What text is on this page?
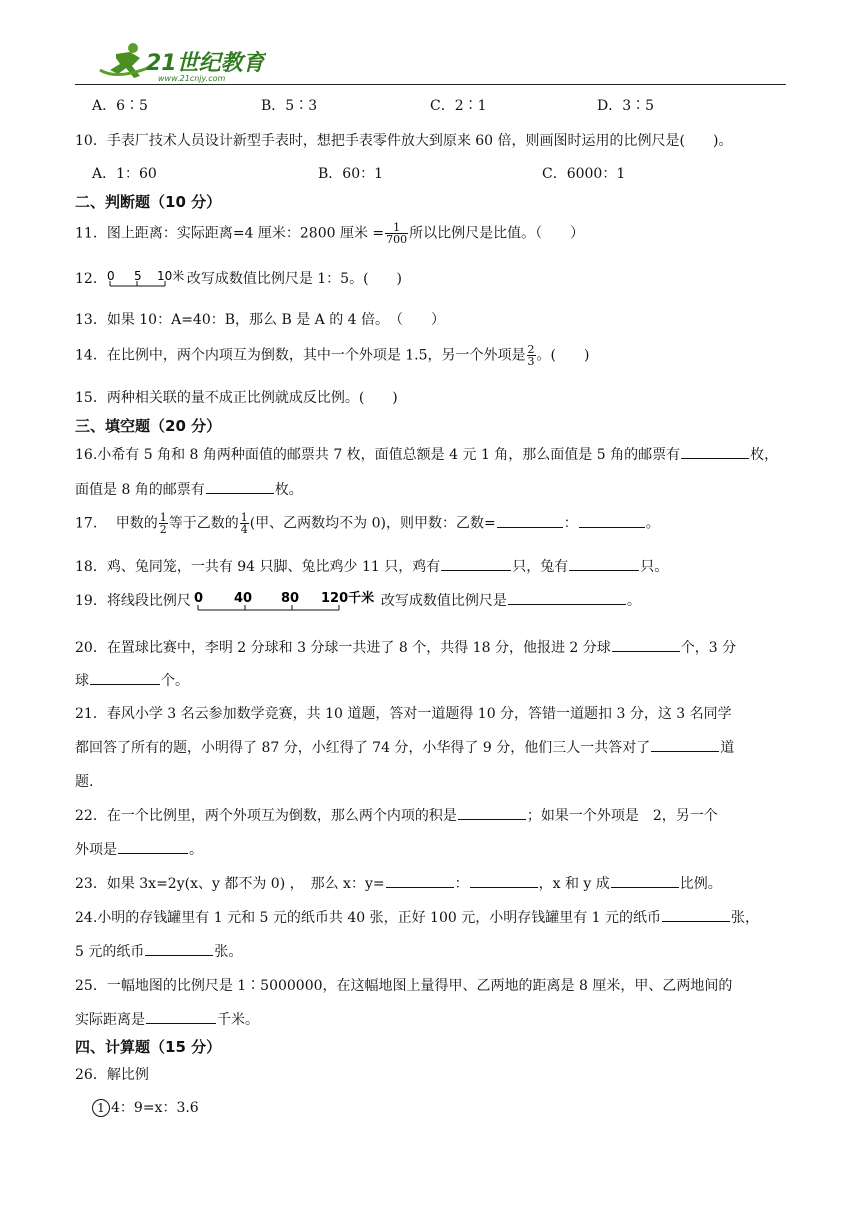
21世纪教育
www.21cnjy.com
A．6∶5	B．5∶3	C．2∶1	D．3∶5
10．手表厂技术人员设计新型手表时，想把手表零件放大到原来 60 倍，则画图时运用的比例尺是(　　)。
A．1：60	B．60：1	C．6000：1
二、判断题（10 分）
11．图上距离：实际距离=4 厘米：2800 厘米 = $\frac{1}{700}$ 所以比例尺是比值。（　　）
12． 0 5 10米 改写成数值比例尺是 1：5。(　　)
13．如果 10：A=40：B，那么 B 是 A 的 4 倍。　（　　）
14．在比例中，两个内项互为倒数，其中一个外项是 1.5，另一个外项是 $\frac{2}{3}$ 。(　　)
15．两种相关联的量不成正比例就成反比例。(　　)
三、填空题（20 分）
16.小希有 5 角和 8 角两种面值的邮票共 7 枚，面值总额是 4 元 1 角，那么面值是 5 角的邮票有	枚，
面值是 8 角的邮票有	枚。
17.　 甲数的 $\frac{1}{2}$ 等于乙数的 $\frac{1}{4}$ (甲、乙两数均不为 0)，则甲数：乙数=	：	。
18．鸡、兔同笼，一共有 94 只脚、兔比鸡少 11 只，鸡有	只，兔有	只。
19．将线段比例尺 0 40 80 120千米 改写成数值比例尺是	。
20．在置球比赛中，李明 2 分球和 3 分球一共进了 8 个，共得 18 分，他报进 2 分球	个，3 分
球	个。
21．春风小学 3 名云参加数学竞赛，共 10 道题，答对一道题得 10 分，答错一道题扣 3 分，这 3 名同学
都回答了所有的题，小明得了 87 分，小红得了 74 分，小华得了 9 分，他们三人一共答对了	道
题.
22．在一个比例里，两个外项互为倒数，那么两个内项的积是	；如果一个外项是　2，另一个
外项是	。
23．如果 3x=2y(x、y 都不为 0) ，　那么 x：y=	：	，x 和 y 成	比例。
24.小明的存钱罐里有 1 元和 5 元的纸币共 40 张，正好 100 元，小明存钱罐里有 1 元的纸币	张，
5 元的纸币	张。
25．一幅地图的比例尺是 1∶5000000，在这幅地图上量得甲、乙两地的距离是 8 厘米，甲、乙两地间的
实际距离是	千米。
四、计算题（15 分）
26．解比例
1 4：9=x：3.6
